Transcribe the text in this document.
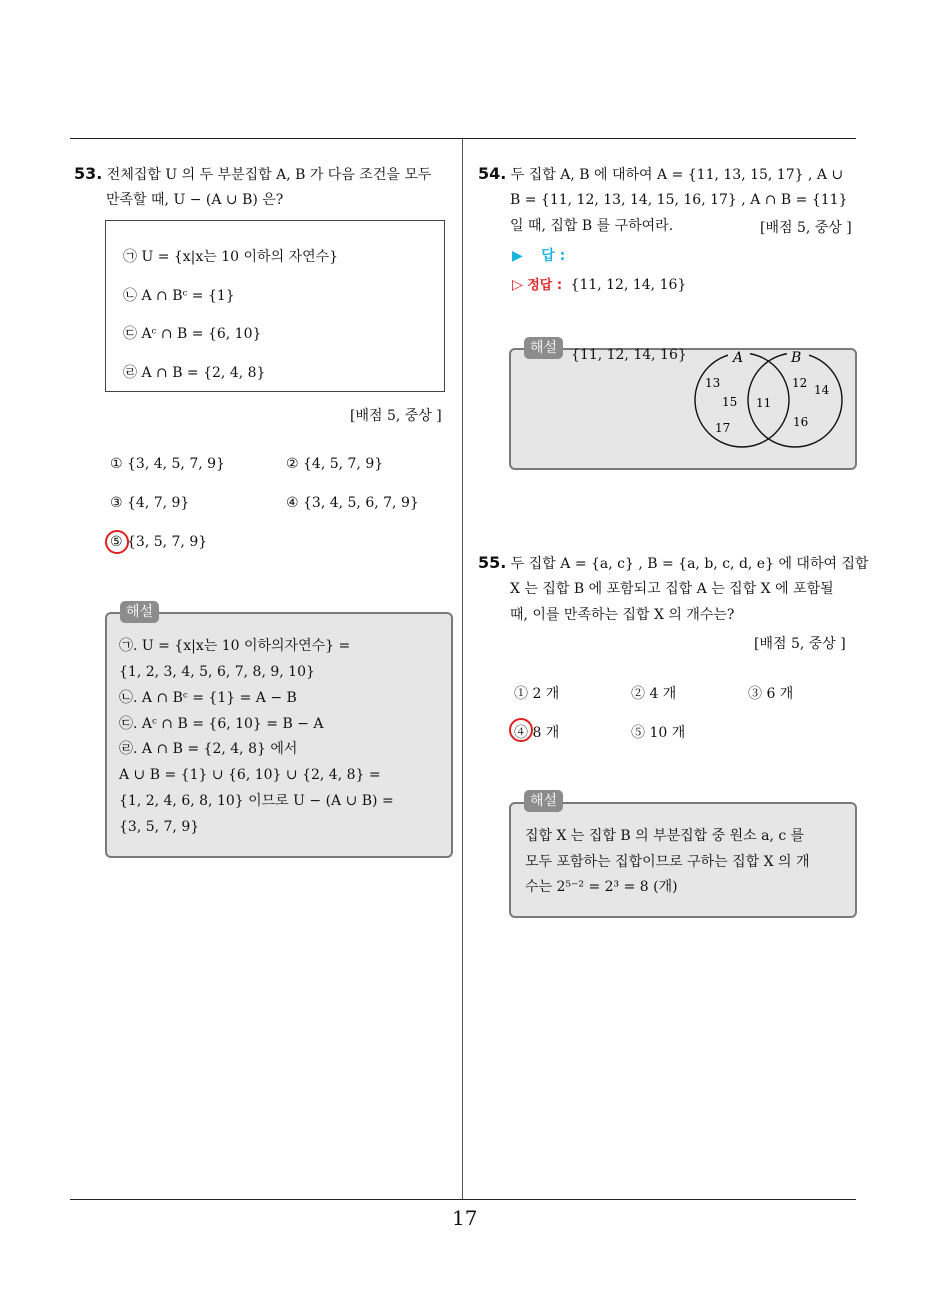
17
53. 전체집합 U 의 두 부분집합 A, B 가 다음 조건을 모두
만족할 때, U − (A ∪ B) 은?
㉠ U = {x|x는 10 이하의 자연수}
㉡ A ∩ Bᶜ = {1}
㉢ Aᶜ ∩ B = {6, 10}
㉣ A ∩ B = {2, 4, 8}
[배점 5, 중상 ]
① {3, 4, 5, 7, 9}	② {4, 5, 7, 9}
③ {4, 7, 9}	④ {3, 4, 5, 6, 7, 9}
⑤ {3, 5, 7, 9}
㉠. U = {x|x는 10 이하의자연수} =
{1, 2, 3, 4, 5, 6, 7, 8, 9, 10}
㉡. A ∩ Bᶜ = {1} = A − B
㉢. Aᶜ ∩ B = {6, 10} = B − A
㉣. A ∩ B = {2, 4, 8} 에서
A ∪ B = {1} ∪ {6, 10} ∪ {2, 4, 8} =
{1, 2, 4, 6, 8, 10} 이므로 U − (A ∪ B) =
{3, 5, 7, 9}
해설
54. 두 집합 A, B 에 대하여 A = {11, 13, 15, 17} , A ∪
B = {11, 12, 13, 14, 15, 16, 17} , A ∩ B = {11}
일 때, 집합 B 를 구하여라.	[배점 5, 중상 ]
▶ 답 :
▷ 정답 : {11, 12, 14, 16}
{11, 12, 14, 16}	A	B
13
15
17
11
12 14
16
해설
55. 두 집합 A = {a, c} , B = {a, b, c, d, e} 에 대하여 집합
X 는 집합 B 에 포함되고 집합 A 는 집합 X 에 포함될
때, 이를 만족하는 집합 X 의 개수는?
[배점 5, 중상 ]
① 2 개	② 4 개	③ 6 개
④ 8 개	⑤ 10 개
집합 X 는 집합 B 의 부분집합 중 원소 a, c 를
모두 포함하는 집합이므로 구하는 집합 X 의 개
수는 2⁵⁻² = 2³ = 8 (개)
해설
